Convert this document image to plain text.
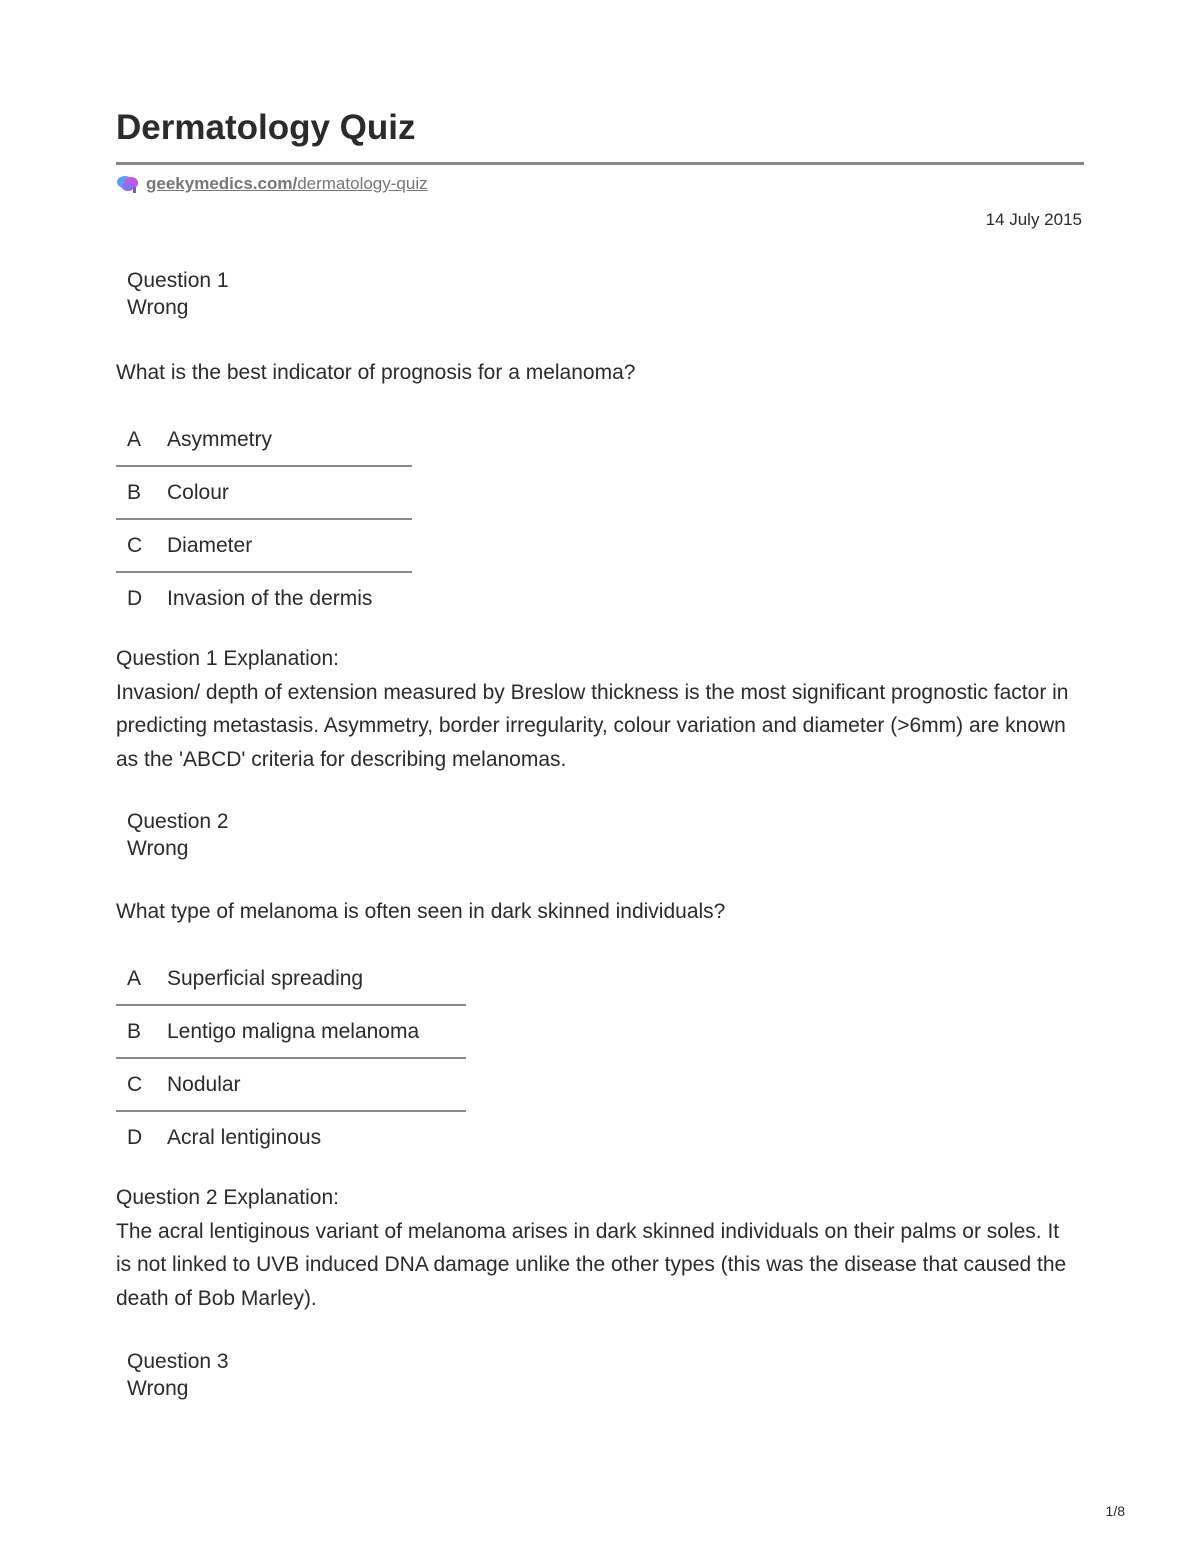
Dermatology Quiz
geekymedics.com/dermatology-quiz
14 July 2015
Question 1
Wrong
What is the best indicator of prognosis for a melanoma?
A	Asymmetry
B	Colour
C	Diameter
D	Invasion of the dermis
Question 1 Explanation:
Invasion/ depth of extension measured by Breslow thickness is the most significant prognostic factor in predicting metastasis. Asymmetry, border irregularity, colour variation and diameter (>6mm) are known as the 'ABCD' criteria for describing melanomas.
Question 2
Wrong
What type of melanoma is often seen in dark skinned individuals?
A	Superficial spreading
B	Lentigo maligna melanoma
C	Nodular
D	Acral lentiginous
Question 2 Explanation:
The acral lentiginous variant of melanoma arises in dark skinned individuals on their palms or soles. It is not linked to UVB induced DNA damage unlike the other types (this was the disease that caused the death of Bob Marley).
Question 3
Wrong
1/8
